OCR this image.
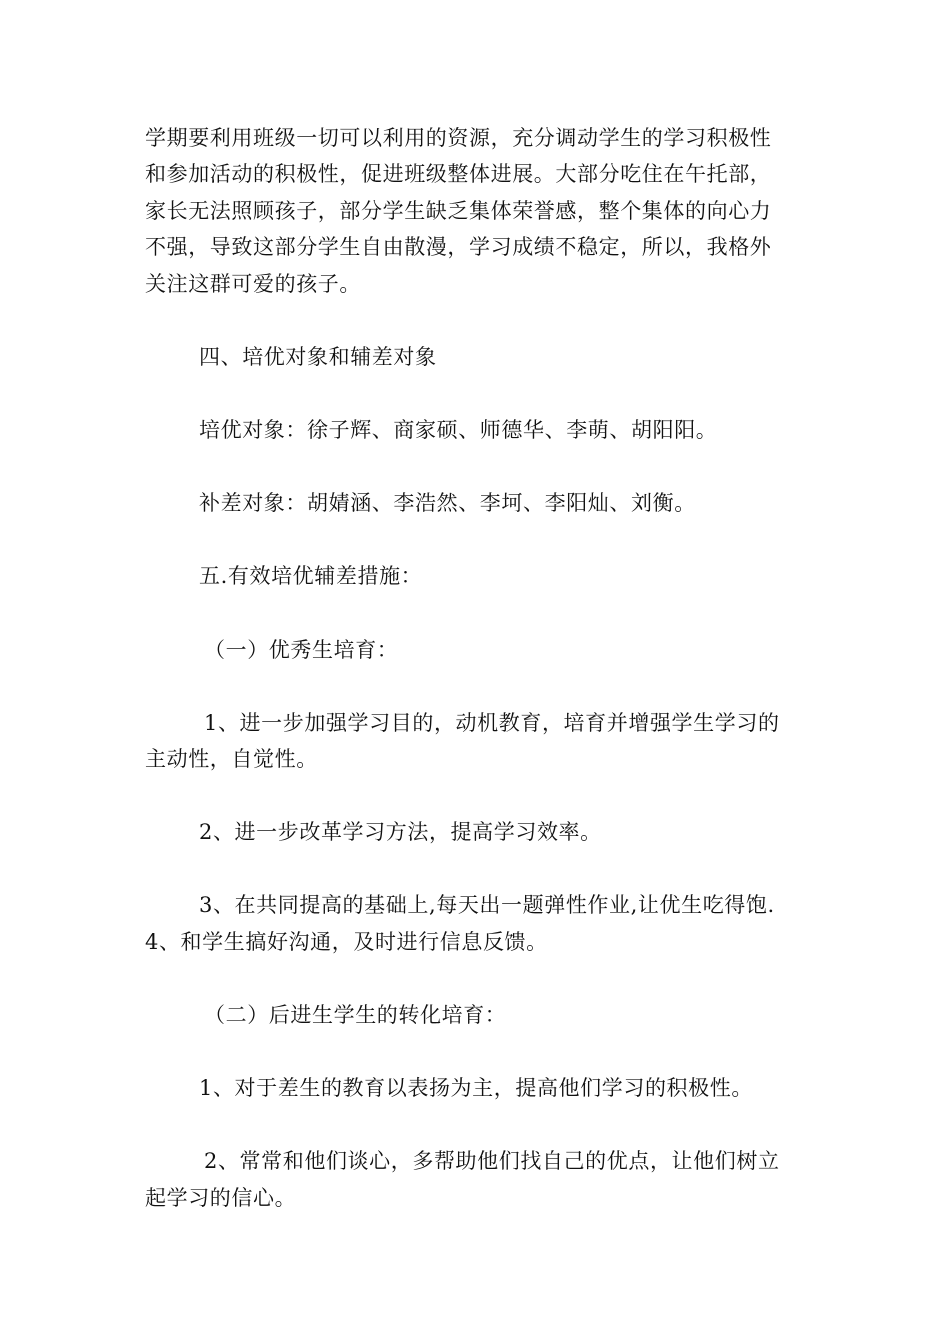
学期要利用班级一切可以利用的资源，充分调动学生的学习积极性
和参加活动的积极性，促进班级整体进展。大部分吃住在午托部，
家长无法照顾孩子，部分学生缺乏集体荣誉感，整个集体的向心力
不强，导致这部分学生自由散漫，学习成绩不稳定，所以，我格外
关注这群可爱的孩子。
四、培优对象和辅差对象
培优对象：徐子辉、商家硕、师德华、李萌、胡阳阳。
补差对象：胡婧涵、李浩然、李坷、李阳灿、刘衡。
五.有效培优辅差措施：
（一）优秀生培育：
1、进一步加强学习目的，动机教育，培育并增强学生学习的
主动性，自觉性。
2、进一步改革学习方法，提高学习效率。
3、在共同提高的基础上,每天出一题弹性作业,让优生吃得饱.
4、和学生搞好沟通，及时进行信息反馈。
（二）后进生学生的转化培育：
1、对于差生的教育以表扬为主，提高他们学习的积极性。
2、常常和他们谈心，多帮助他们找自己的优点，让他们树立
起学习的信心。
